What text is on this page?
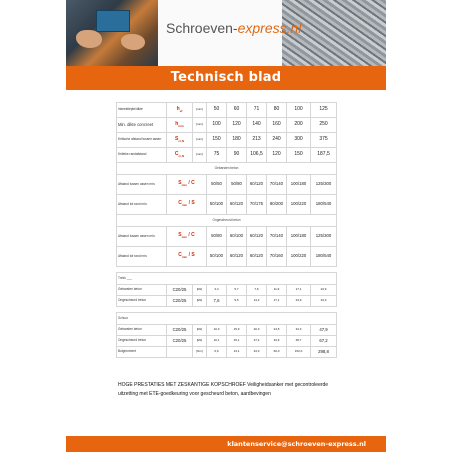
Schroeven-express.nl
Technisch blad
Inkeeldiepte/dikte	$h_{ef}$	[mm]	50	60	71	80	100	125
Min. dikte concreet	$h_{min}$	[mm]	100	120	140	160	200	250
Kritische afstand tussen assen	$S_{cr,N}$	[mm]	150	180	213	240	300	375
Kritieke randafstand	$C_{cr,N}$	[mm]	75	90	106,5	120	150	187,5
Gebarsten beton								
Afstand tussen assen min.	$S_{min}$ / C		50/50	50/80	60/120	70/140	100/180	125/300
Afstand tot rand min.	$C_{min}$ / S		50/100	60/120	70/175	80/200	100/220	180/540
Ongescheurd beton								
Afstand tussen assen min.	$S_{min}$ / C		50/80	60/100	60/120	70/140	100/180	125/300
Afstand tot rand min.	$C_{min}$ / S		50/100	60/120	60/120	70/160	100/220	180/540

Trekk ___								
Gebarsten beton	C20/25	[kN]	3,4	5,7	7,6	11,9	17,1	23,9
Ongescheurd beton	C20/25	[kN]	7,6	9,5	14,2	17,1	23,9	33,3

Schuur								
Gebarsten beton	C20/25	[kN]	10,3	15,9	20,3	24,5	34,3	47,9
Ongescheurd beton	C20/25	[kN]	10,1	15,1	27,4	34,6	48,7	67,2
Buigmoment		[Nm]	6,9	13,1	34,3	60,0	152,0	298,8
HOGE PRESTATIES MET ZESKANTIGE KOPSCHROEF Veiligheidsanker met gecontroleerde uitzetting met ETE-goedkeuring voor gescheurd beton, aardbevingen
klantenservice@schroeven-express.nl
